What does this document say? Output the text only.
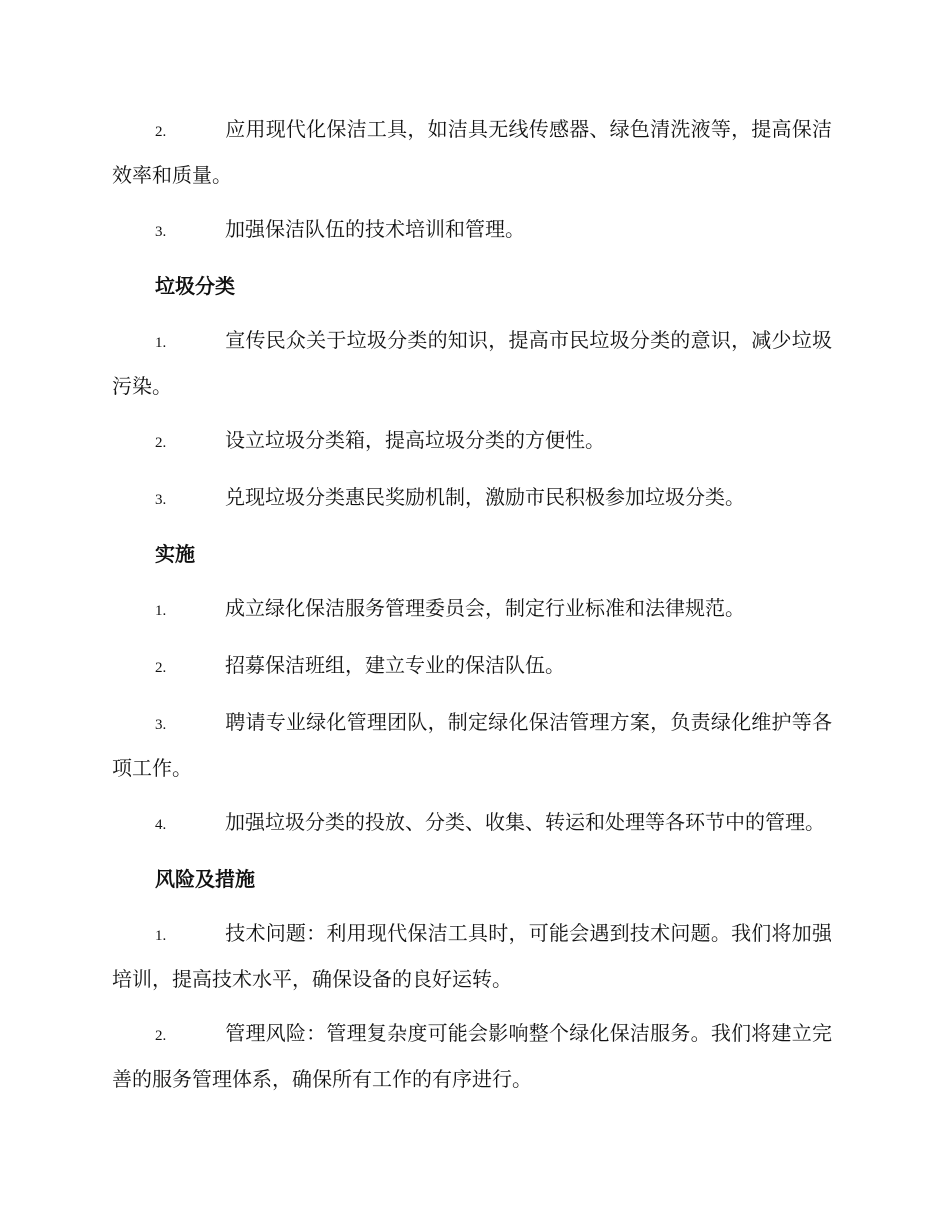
2.	应用现代化保洁工具，如洁具无线传感器、绿色清洗液等，提高保洁效率和质量。
3.	加强保洁队伍的技术培训和管理。
垃圾分类
1.	宣传民众关于垃圾分类的知识，提高市民垃圾分类的意识，减少垃圾污染。
2.	设立垃圾分类箱，提高垃圾分类的方便性。
3.	兑现垃圾分类惠民奖励机制，激励市民积极参加垃圾分类。
实施
1.	成立绿化保洁服务管理委员会，制定行业标准和法律规范。
2.	招募保洁班组，建立专业的保洁队伍。
3.	聘请专业绿化管理团队，制定绿化保洁管理方案，负责绿化维护等各项工作。
4.	加强垃圾分类的投放、分类、收集、转运和处理等各环节中的管理。
风险及措施
1.	技术问题：利用现代保洁工具时，可能会遇到技术问题。我们将加强培训，提高技术水平，确保设备的良好运转。
2.	管理风险：管理复杂度可能会影响整个绿化保洁服务。我们将建立完善的服务管理体系，确保所有工作的有序进行。
